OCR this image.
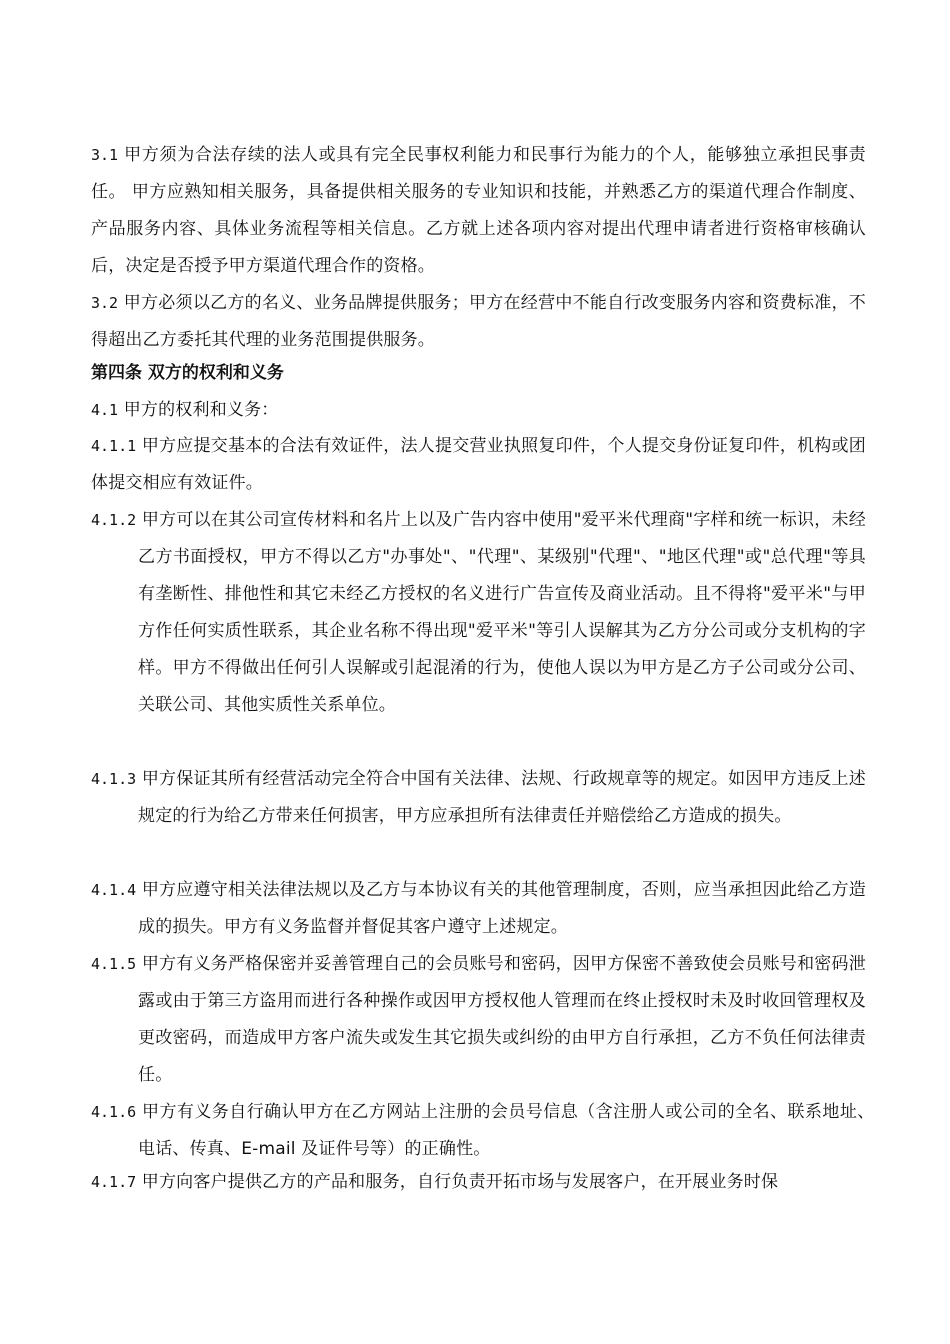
3.1 甲方须为合法存续的法人或具有完全民事权利能力和民事行为能力的个人，能够独立承担民事责任。 甲方应熟知相关服务，具备提供相关服务的专业知识和技能，并熟悉乙方的渠道代理合作制度、产品服务内容、具体业务流程等相关信息。乙方就上述各项内容对提出代理申请者进行资格审核确认后，决定是否授予甲方渠道代理合作的资格。
3.2 甲方必须以乙方的名义、业务品牌提供服务；甲方在经营中不能自行改变服务内容和资费标准，不得超出乙方委托其代理的业务范围提供服务。
第四条 双方的权利和义务
4.1 甲方的权利和义务：
4.1.1 甲方应提交基本的合法有效证件，法人提交营业执照复印件，个人提交身份证复印件，机构或团体提交相应有效证件。
4.1.2 甲方可以在其公司宣传材料和名片上以及广告内容中使用"爱平米代理商"字样和统一标识，未经乙方书面授权，甲方不得以乙方"办事处"、"代理"、某级别"代理"、"地区代理"或"总代理"等具有垄断性、排他性和其它未经乙方授权的名义进行广告宣传及商业活动。且不得将"爱平米"与甲方作任何实质性联系，其企业名称不得出现"爱平米"等引人误解其为乙方分公司或分支机构的字样。甲方不得做出任何引人误解或引起混淆的行为，使他人误以为甲方是乙方子公司或分公司、关联公司、其他实质性关系单位。
4.1.3 甲方保证其所有经营活动完全符合中国有关法律、法规、行政规章等的规定。如因甲方违反上述规定的行为给乙方带来任何损害，甲方应承担所有法律责任并赔偿给乙方造成的损失。
4.1.4 甲方应遵守相关法律法规以及乙方与本协议有关的其他管理制度，否则，应当承担因此给乙方造成的损失。甲方有义务监督并督促其客户遵守上述规定。
4.1.5 甲方有义务严格保密并妥善管理自己的会员账号和密码，因甲方保密不善致使会员账号和密码泄露或由于第三方盗用而进行各种操作或因甲方授权他人管理而在终止授权时未及时收回管理权及更改密码，而造成甲方客户流失或发生其它损失或纠纷的由甲方自行承担，乙方不负任何法律责任。
4.1.6 甲方有义务自行确认甲方在乙方网站上注册的会员号信息（含注册人或公司的全名、联系地址、　　　电话、传真、E-mail 及证件号等）的正确性。
4.1.7 甲方向客户提供乙方的产品和服务，自行负责开拓市场与发展客户，在开展业务时保
